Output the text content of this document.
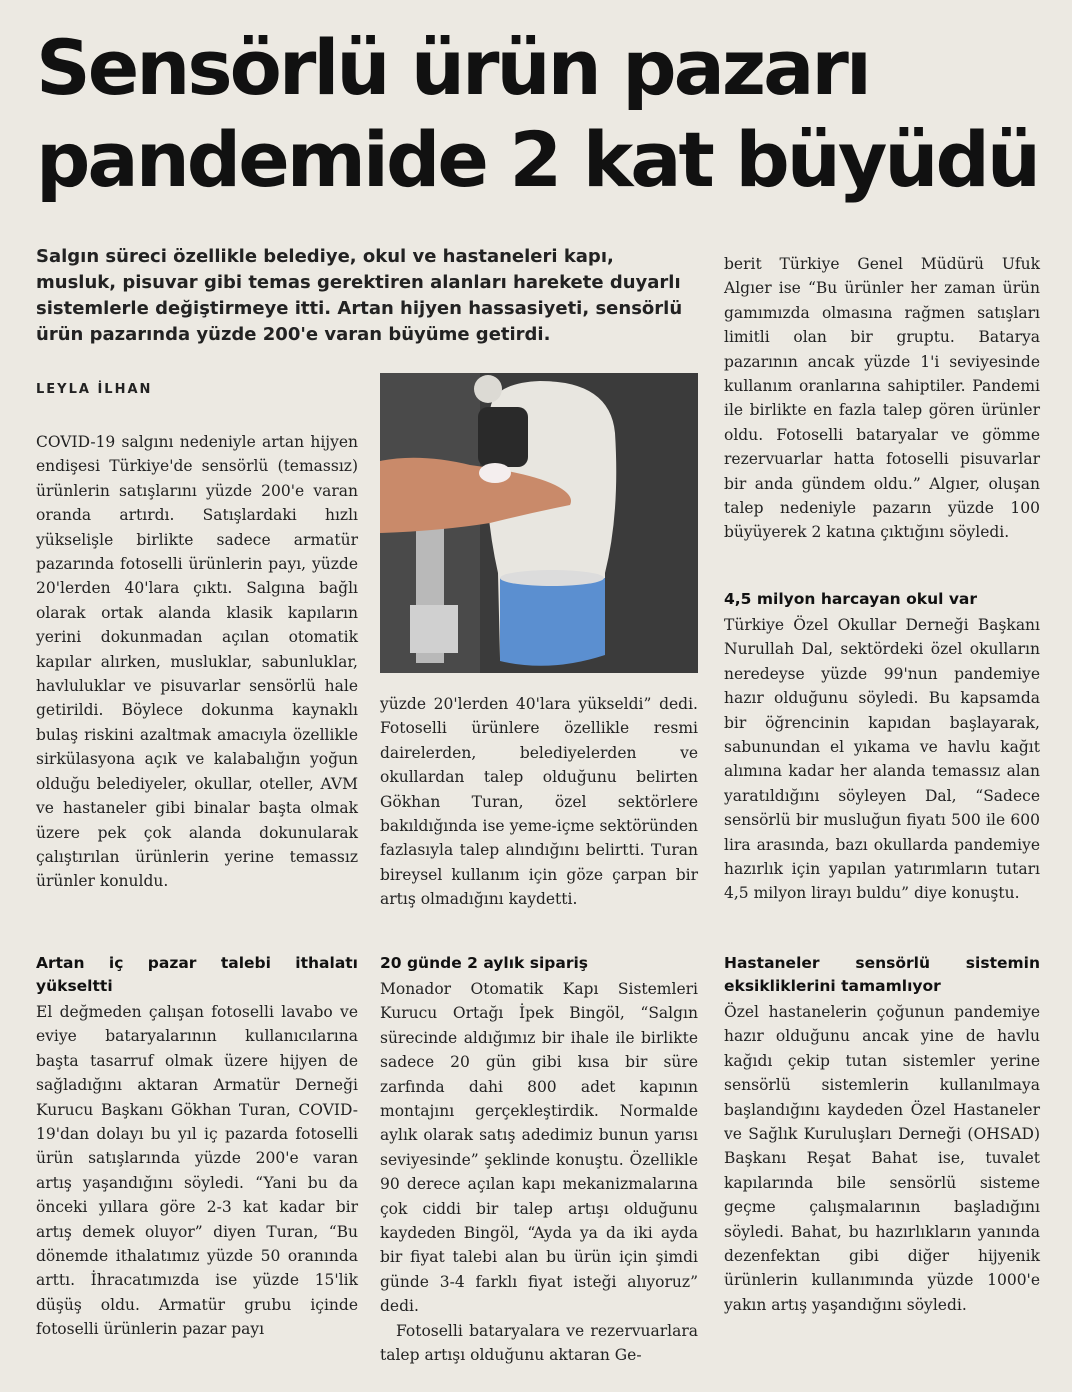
Sensörlü ürün pazarı
pandemide 2 kat büyüdü

Salgın süreci özellikle belediye, okul ve hastaneleri kapı, musluk, pisuvar gibi temas gerektiren alanları harekete duyarlı sistemlerle değiştirmeye itti. Artan hijyen hassasiyeti, sensörlü ürün pazarında yüzde 200'e varan büyüme getirdi.

LEYLA İLHAN

COVID-19 salgını nedeniyle artan hijyen endişesi Türkiye'de sensörlü (temassız) ürünlerin satışlarını yüzde 200'e varan oranda artırdı. Satışlardaki hızlı yükselişle birlikte sadece armatür pazarında fotoselli ürünlerin payı, yüzde 20'lerden 40'lara çıktı. Salgına bağlı olarak ortak alanda klasik kapıların yerini dokunmadan açılan otomatik kapılar alırken, musluklar, sabunluklar, havluluklar ve pisuvarlar sensörlü hale getirildi. Böylece dokunma kaynaklı bulaş riskini azaltmak amacıyla özellikle sirkülasyona açık ve kalabalığın yoğun olduğu belediyeler, okullar, oteller, AVM ve hastaneler gibi binalar başta olmak üzere pek çok alanda dokunularak çalıştırılan ürünlerin yerine temassız ürünler konuldu.

Artan iç pazar talebi ithalatı yükseltti

El değmeden çalışan fotoselli lavabo ve eviye bataryalarının kullanıcılarına başta tasarruf olmak üzere hijyen de sağladığını aktaran Armatür Derneği Kurucu Başkanı Gökhan Turan, COVID-19'dan dolayı bu yıl iç pazarda fotoselli ürün satışlarında yüzde 200'e varan artış yaşandığını söyledi. “Yani bu da önceki yıllara göre 2-3 kat kadar bir artış demek oluyor” diyen Turan, “Bu dönemde ithalatımız yüzde 50 oranında arttı. İhracatımızda ise yüzde 15'lik düşüş oldu. Armatür grubu içinde fotoselli ürünlerin pazar payı

yüzde 20'lerden 40'lara yükseldi” dedi. Fotoselli ürünlere özellikle resmi dairelerden, belediyelerden ve okullardan talep olduğunu belirten Gökhan Turan, özel sektörlere bakıldığında ise yeme-içme sektöründen fazlasıyla talep alındığını belirtti. Turan bireysel kullanım için göze çarpan bir artış olmadığını kaydetti.

20 günde 2 aylık sipariş

Monador Otomatik Kapı Sistemleri Kurucu Ortağı İpek Bingöl, “Salgın sürecinde aldığımız bir ihale ile birlikte sadece 20 gün gibi kısa bir süre zarfında dahi 800 adet kapının montajını gerçekleştirdik. Normalde aylık olarak satış adedimiz bunun yarısı seviyesinde” şeklinde konuştu. Özellikle 90 derece açılan kapı mekanizmalarına çok ciddi bir talep artışı olduğunu kaydeden Bingöl, “Ayda ya da iki ayda bir fiyat talebi alan bu ürün için şimdi günde 3-4 farklı fiyat isteği alıyoruz” dedi.

Fotoselli bataryalara ve rezervuarlara talep artışı olduğunu aktaran Ge-

berit Türkiye Genel Müdürü Ufuk Algıer ise “Bu ürünler her zaman ürün gamımızda olmasına rağmen satışları limitli olan bir gruptu. Batarya pazarının ancak yüzde 1'i seviyesinde kullanım oranlarına sahiptiler. Pandemi ile birlikte en fazla talep gören ürünler oldu. Fotoselli bataryalar ve gömme rezervuarlar hatta fotoselli pisuvarlar bir anda gündem oldu.” Algıer, oluşan talep nedeniyle pazarın yüzde 100 büyüyerek 2 katına çıktığını söyledi.

4,5 milyon harcayan okul var

Türkiye Özel Okullar Derneği Başkanı Nurullah Dal, sektördeki özel okulların neredeyse yüzde 99'nun pandemiye hazır olduğunu söyledi. Bu kapsamda bir öğrencinin kapıdan başlayarak, sabunundan el yıkama ve havlu kağıt alımına kadar her alanda temassız alan yaratıldığını söyleyen Dal, “Sadece sensörlü bir musluğun fiyatı 500 ile 600 lira arasında, bazı okullarda pandemiye hazırlık için yapılan yatırımların tutarı 4,5 milyon lirayı buldu” diye konuştu.

Hastaneler sensörlü sistemin eksikliklerini tamamlıyor

Özel hastanelerin çoğunun pandemiye hazır olduğunu ancak yine de havlu kağıdı çekip tutan sistemler yerine sensörlü sistemlerin kullanılmaya başlandığını kaydeden Özel Hastaneler ve Sağlık Kuruluşları Derneği (OHSAD) Başkanı Reşat Bahat ise, tuvalet kapılarında bile sensörlü sisteme geçme çalışmalarının başladığını söyledi. Bahat, bu hazırlıkların yanında dezenfektan gibi diğer hijyenik ürünlerin kullanımında yüzde 1000'e yakın artış yaşandığını söyledi.
